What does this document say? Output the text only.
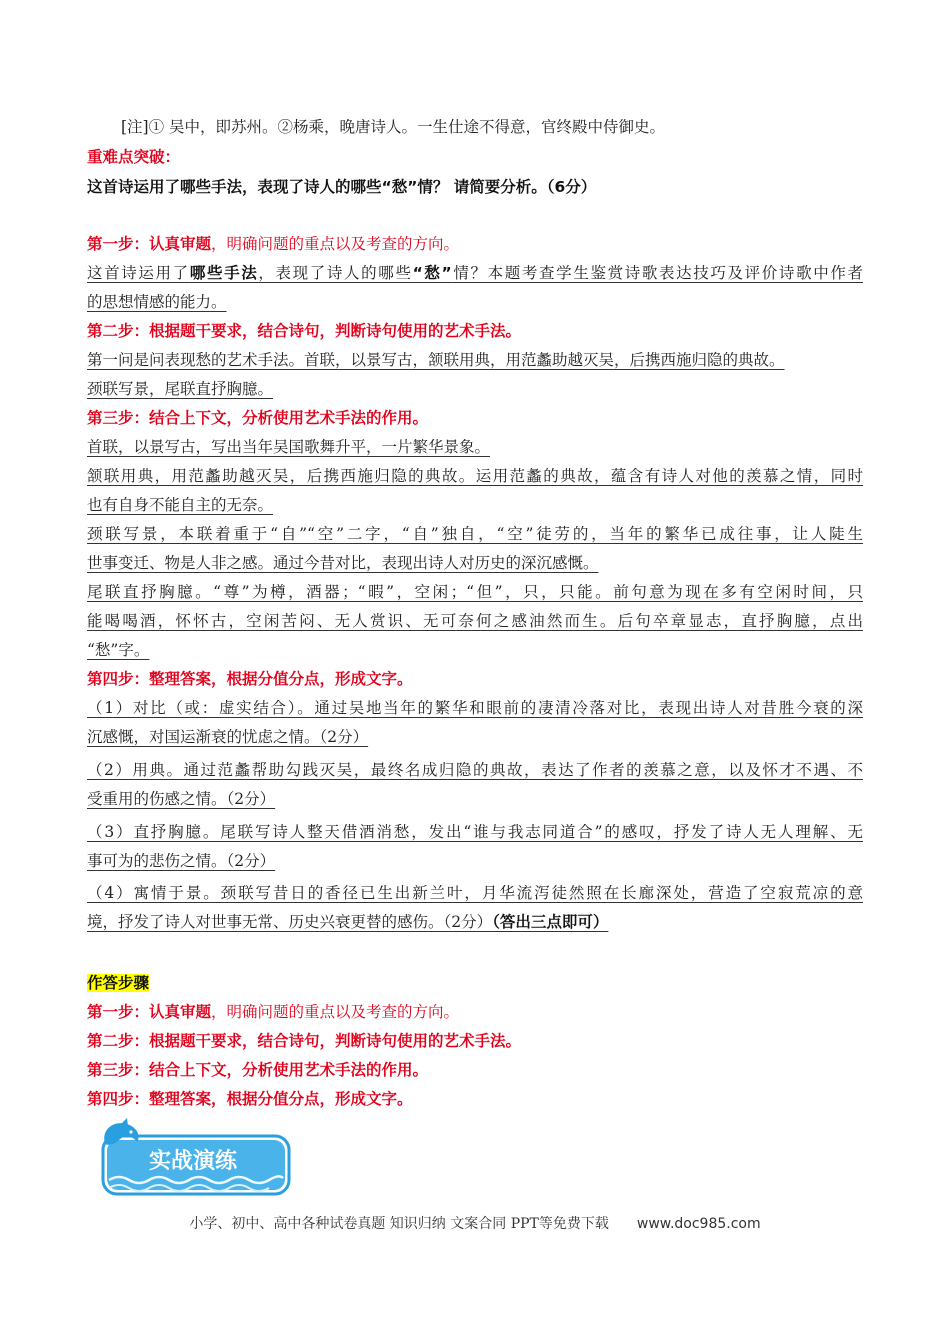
[注]① 吴中，即苏州。②杨乘，晚唐诗人。一生仕途不得意，官终殿中侍御史。
重难点突破：
这首诗运用了哪些手法，表现了诗人的哪些“愁”情？ 请简要分析。（6分）
第一步：认真审题，明确问题的重点以及考查的方向。
这首诗运用了哪些手法，表现了诗人的哪些“愁”情？本题考查学生鉴赏诗歌表达技巧及评价诗歌中作者
的思想情感的能力。
第二步：根据题干要求，结合诗句，判断诗句使用的艺术手法。
第一问是问表现愁的艺术手法。首联，以景写古，颔联用典，用范蠡助越灭吴，后携西施归隐的典故。
颈联写景，尾联直抒胸臆。
第三步：结合上下文，分析使用艺术手法的作用。
首联，以景写古，写出当年吴国歌舞升平，一片繁华景象。
颔联用典，用范蠡助越灭吴，后携西施归隐的典故。运用范蠡的典故，蕴含有诗人对他的羡慕之情，同时
也有自身不能自主的无奈。
颈联写景，本联着重于“自”“空”二字，“自”独自，“空”徒劳的，当年的繁华已成往事，让人陡生
世事变迁、物是人非之感。通过今昔对比，表现出诗人对历史的深沉感慨。
尾联直抒胸臆。“尊”为樽，酒器；“暇”，空闲；“但”，只，只能。前句意为现在多有空闲时间，只
能喝喝酒，怀怀古，空闲苦闷、无人赏识、无可奈何之感油然而生。后句卒章显志，直抒胸臆，点出
“愁”字。
第四步：整理答案，根据分值分点，形成文字。
（1）对比（或：虚实结合）。通过吴地当年的繁华和眼前的凄清冷落对比，表现出诗人对昔胜今衰的深
沉感慨，对国运渐衰的忧虑之情。（2分）
（2）用典。通过范蠡帮助勾践灭吴，最终名成归隐的典故，表达了作者的羡慕之意，以及怀才不遇、不
受重用的伤感之情。（2分）
（3）直抒胸臆。尾联写诗人整天借酒消愁，发出“谁与我志同道合”的感叹，抒发了诗人无人理解、无
事可为的悲伤之情。（2分）
（4）寓情于景。颈联写昔日的香径已生出新兰叶，月华流泻徒然照在长廊深处，营造了空寂荒凉的意
境，抒发了诗人对世事无常、历史兴衰更替的感伤。（2分）（答出三点即可）
作答步骤
第一步：认真审题，明确问题的重点以及考查的方向。
第二步：根据题干要求，结合诗句，判断诗句使用的艺术手法。
第三步：结合上下文，分析使用艺术手法的作用。
第四步：整理答案，根据分值分点，形成文字。
实战演练
小学、初中、高中各种试卷真题 知识归纳 文案合同 PPT等免费下载 www.doc985.com
